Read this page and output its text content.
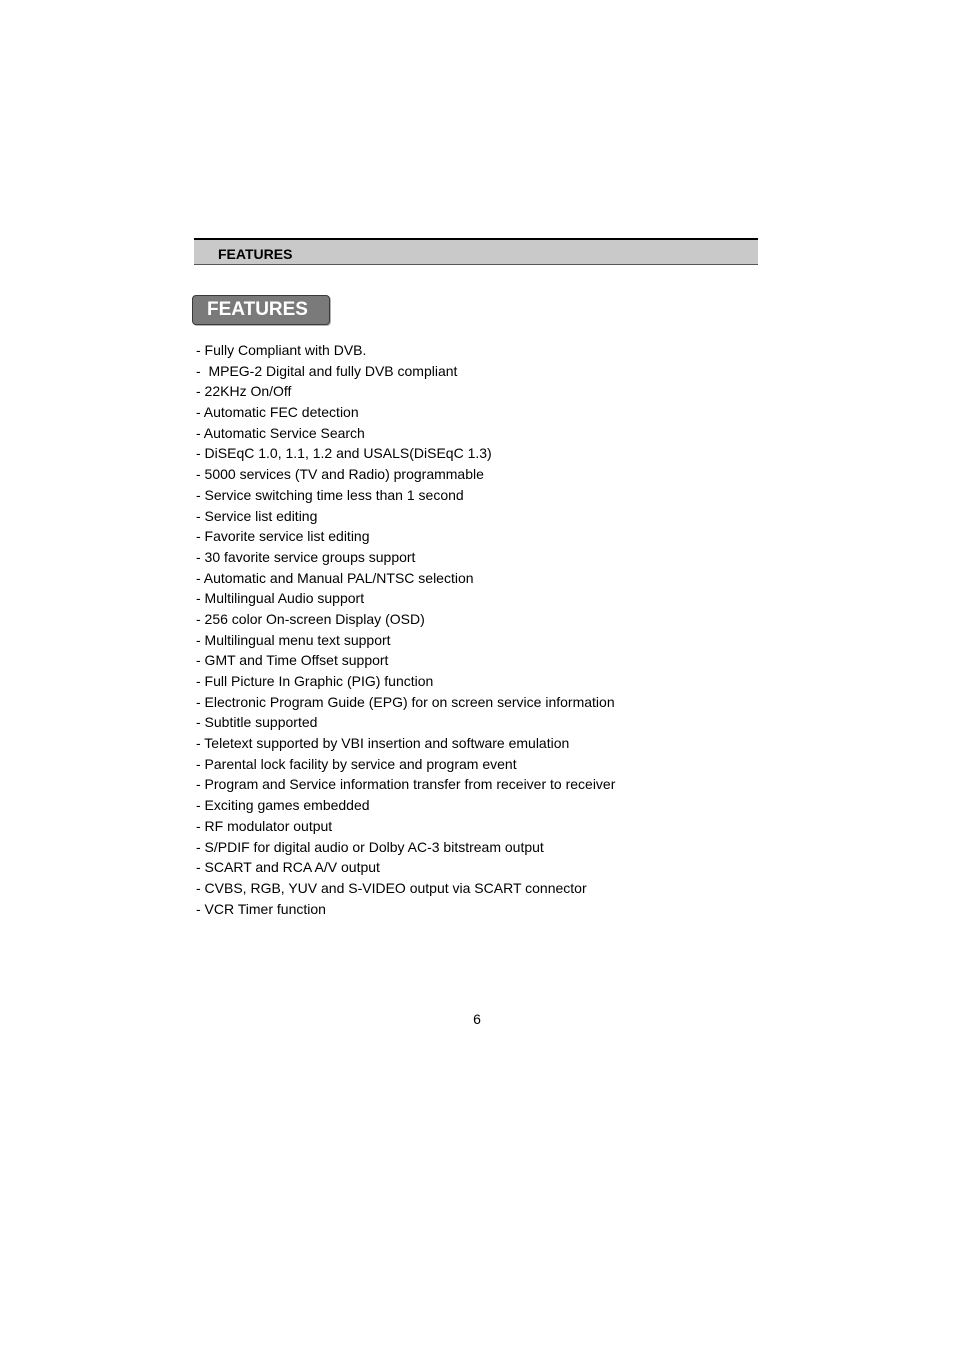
FEATURES
FEATURES
- Fully Compliant with DVB.
-  MPEG-2 Digital and fully DVB compliant
- 22KHz On/Off
- Automatic FEC detection
- Automatic Service Search
- DiSEqC 1.0, 1.1, 1.2 and USALS(DiSEqC 1.3)
- 5000 services (TV and Radio) programmable
- Service switching time less than 1 second
- Service list editing
- Favorite service list editing
- 30 favorite service groups support
- Automatic and Manual PAL/NTSC selection
- Multilingual Audio support
- 256 color On-screen Display (OSD)
- Multilingual menu text support
- GMT and Time Offset support
- Full Picture In Graphic (PIG) function
- Electronic Program Guide (EPG) for on screen service information
- Subtitle supported
- Teletext supported by VBI insertion and software emulation
- Parental lock facility by service and program event
- Program and Service information transfer from receiver to receiver
- Exciting games embedded
- RF modulator output
- S/PDIF for digital audio or Dolby AC-3 bitstream output
- SCART and RCA A/V output
- CVBS, RGB, YUV and S-VIDEO output via SCART connector
- VCR Timer function
6
